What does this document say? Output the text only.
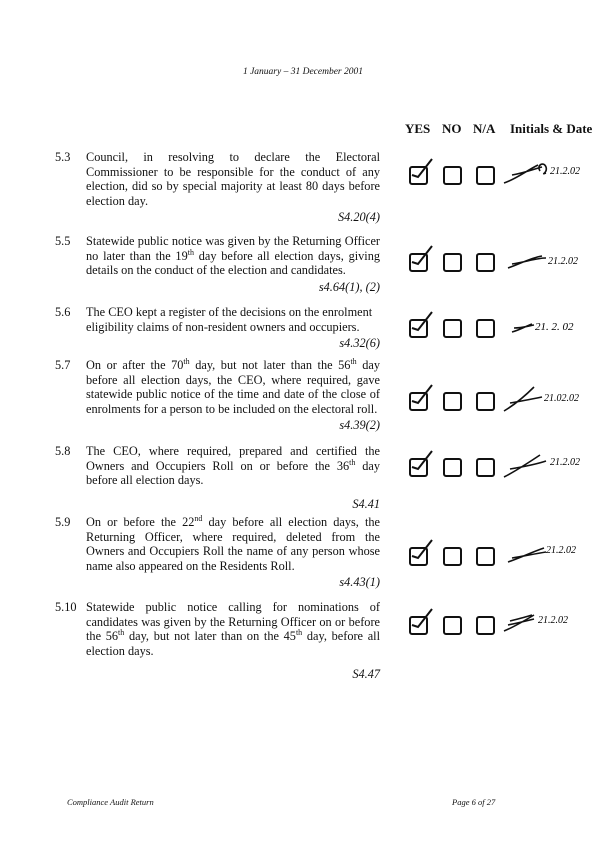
1 January – 31 December 2001
YES NO N/A Initials & Date
5.3 Council, in resolving to declare the Electoral Commissioner to be responsible for the conduct of any election, did so by special majority at least 80 days before election day.
S4.20(4)
21.2.02
5.5 Statewide public notice was given by the Returning Officer no later than the 19th day before all election days, giving details on the conduct of the election and candidates.
s4.64(1), (2)
21.2.02
5.6 The CEO kept a register of the decisions on the enrolment eligibility claims of non-resident owners and occupiers.
s4.32(6)
21. 2. 02
5.7 On or after the 70th day, but not later than the 56th day before all election days, the CEO, where required, gave statewide public notice of the time and date of the close of enrolments for a person to be included on the electoral roll.
s4.39(2)
21.02.02
5.8 The CEO, where required, prepared and certified the Owners and Occupiers Roll on or before the 36th day before all election days.
S4.41
21.2.02
5.9 On or before the 22nd day before all election days, the Returning Officer, where required, deleted from the Owners and Occupiers Roll the name of any person whose name also appeared on the Residents Roll.
s4.43(1)
21.2.02
5.10 Statewide public notice calling for nominations of candidates was given by the Returning Officer on or before the 56th day, but not later than on the 45th day, before all election days.
S4.47
21.2.02
Compliance Audit Return	Page 6 of 27
